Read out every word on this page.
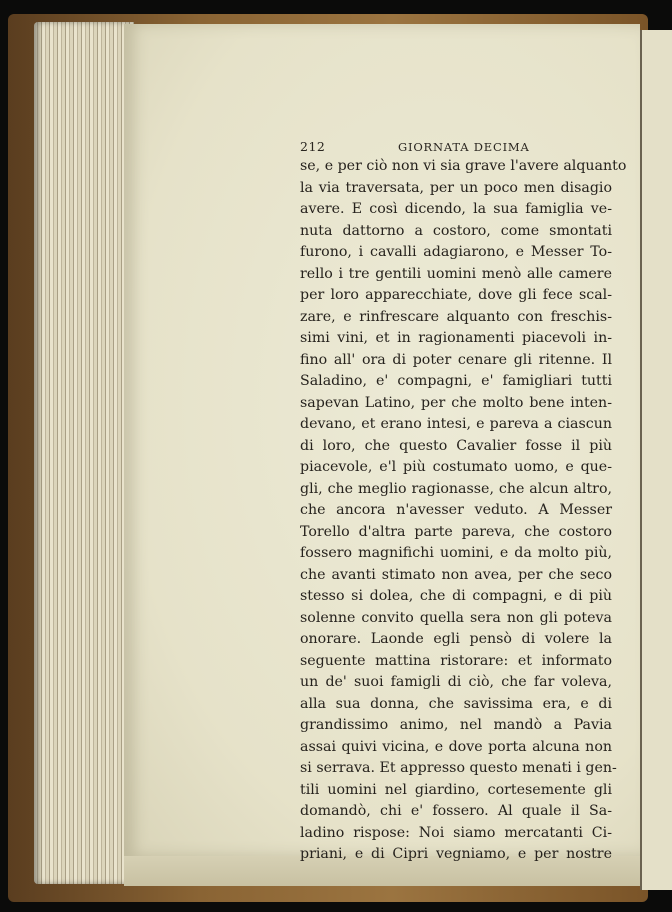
212	GIORNATA DECIMA
se, e per ciò non vi sia grave l'avere alquanto
la via traversata, per un poco men disagio
avere. E così dicendo, la sua famiglia ve-
nuta dattorno a costoro, come smontati
furono, i cavalli adagiarono, e Messer To-
rello i tre gentili uomini menò alle camere
per loro apparecchiate, dove gli fece scal-
zare, e rinfrescare alquanto con freschis-
simi vini, et in ragionamenti piacevoli in-
fino all' ora di poter cenare gli ritenne. Il
Saladino, e' compagni, e' famigliari tutti
sapevan Latino, per che molto bene inten-
devano, et erano intesi, e pareva a ciascun
di loro, che questo Cavalier fosse il più
piacevole, e'l più costumato uomo, e que-
gli, che meglio ragionasse, che alcun altro,
che ancora n'avesser veduto. A Messer
Torello d'altra parte pareva, che costoro
fossero magnifichi uomini, e da molto più,
che avanti stimato non avea, per che seco
stesso si dolea, che di compagni, e di più
solenne convito quella sera non gli poteva
onorare. Laonde egli pensò di volere la
seguente mattina ristorare: et informato
un de' suoi famigli di ciò, che far voleva,
alla sua donna, che savissima era, e di
grandissimo animo, nel mandò a Pavia
assai quivi vicina, e dove porta alcuna non
si serrava. Et appresso questo menati i gen-
tili uomini nel giardino, cortesemente gli
domandò, chi e' fossero. Al quale il Sa-
ladino rispose: Noi siamo mercatanti Ci-
priani, e di Cipri vegniamo, e per nostre
